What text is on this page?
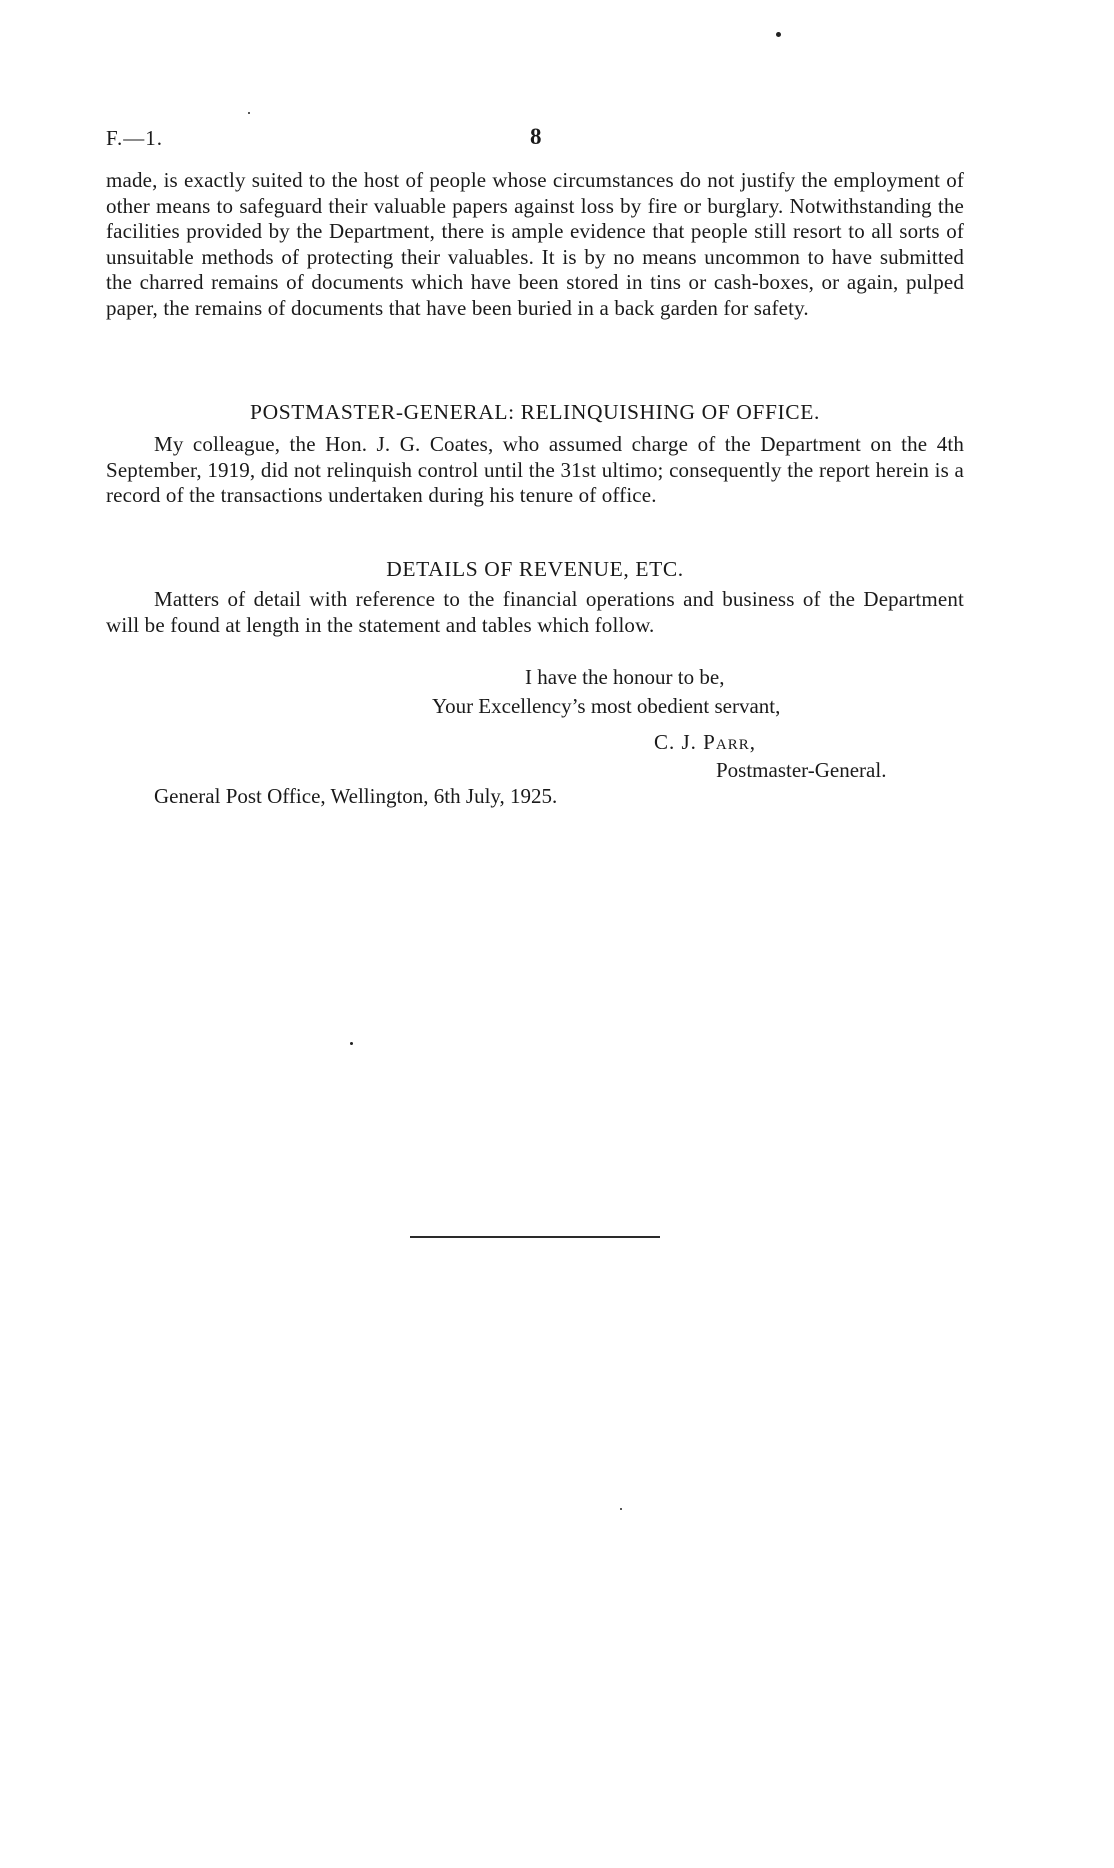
F.—1.	8
made, is exactly suited to the host of people whose circumstances do not justify the employment of other means to safeguard their valuable papers against loss by fire or burglary. Notwithstanding the facilities provided by the Department, there is ample evidence that people still resort to all sorts of unsuitable methods of protecting their valuables. It is by no means uncommon to have submitted the charred remains of documents which have been stored in tins or cash-boxes, or again, pulped paper, the remains of documents that have been buried in a back garden for safety.
POSTMASTER-GENERAL: RELINQUISHING OF OFFICE.
My colleague, the Hon. J. G. Coates, who assumed charge of the Department on the 4th September, 1919, did not relinquish control until the 31st ultimo; consequently the report herein is a record of the transactions undertaken during his tenure of office.
DETAILS OF REVENUE, ETC.
Matters of detail with reference to the financial operations and business of the Department will be found at length in the statement and tables which follow.
I have the honour to be,
Your Excellency’s most obedient servant,
C. J. Parr,
Postmaster-General.
General Post Office, Wellington, 6th July, 1925.
